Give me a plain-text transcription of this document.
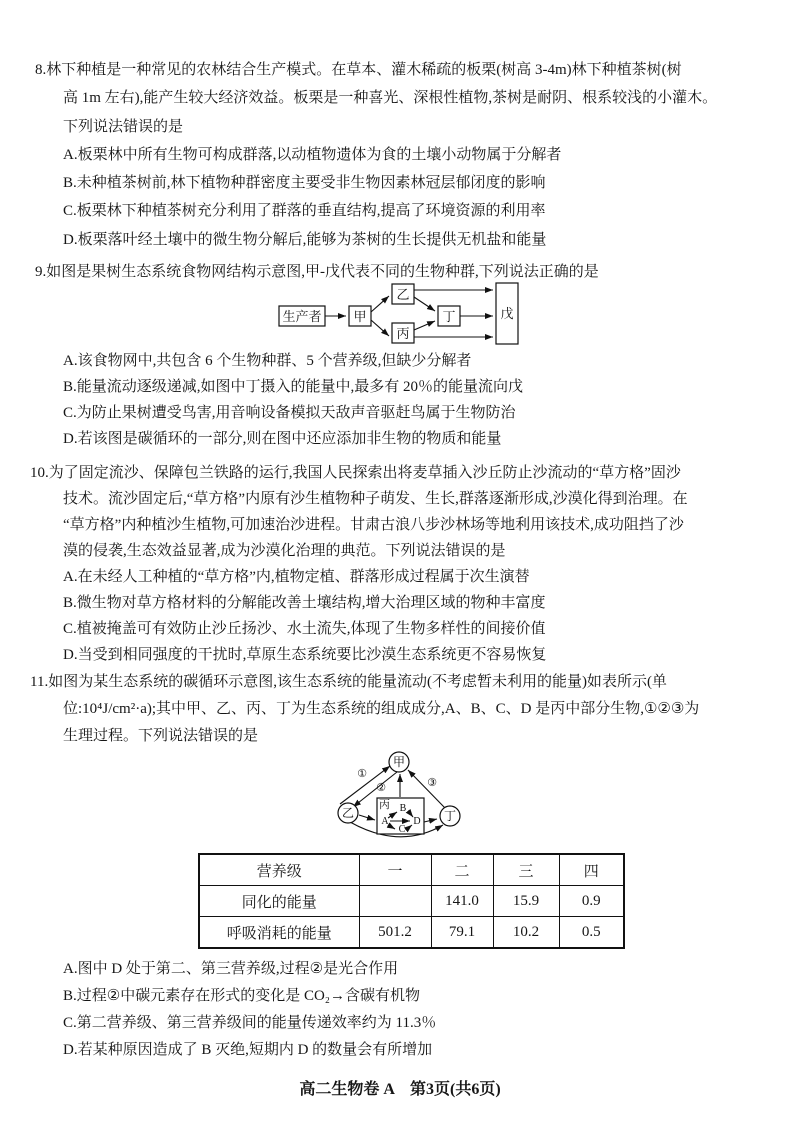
8.林下种植是一种常见的农林结合生产模式。在草本、灌木稀疏的板栗(树高 3-4m)林下种植茶树(树
高 1m 左右),能产生较大经济效益。板栗是一种喜光、深根性植物,茶树是耐阴、根系较浅的小灌木。
下列说法错误的是
A.板栗林中所有生物可构成群落,以动植物遗体为食的土壤小动物属于分解者
B.未种植茶树前,林下植物种群密度主要受非生物因素林冠层郁闭度的影响
C.板栗林下种植茶树充分利用了群落的垂直结构,提高了环境资源的利用率
D.板栗落叶经土壤中的微生物分解后,能够为茶树的生长提供无机盐和能量
9.如图是果树生态系统食物网结构示意图,甲-戊代表不同的生物种群,下列说法正确的是
生产者 甲
乙
丙
丁	戊
A.该食物网中,共包含 6 个生物种群、5 个营养级,但缺少分解者
B.能量流动逐级递减,如图中丁摄入的能量中,最多有 20％的能量流向戊
C.为防止果树遭受鸟害,用音响设备模拟天敌声音驱赶鸟属于生物防治
D.若该图是碳循环的一部分,则在图中还应添加非生物的物质和能量
10.为了固定流沙、保障包兰铁路的运行,我国人民探索出将麦草插入沙丘防止沙流动的“草方格”固沙
技术。流沙固定后,“草方格”内原有沙生植物种子萌发、生长,群落逐渐形成,沙漠化得到治理。在
“草方格”内种植沙生植物,可加速治沙进程。甘肃古浪八步沙林场等地利用该技术,成功阻挡了沙
漠的侵袭,生态效益显著,成为沙漠化治理的典范。下列说法错误的是
A.在未经人工种植的“草方格”内,植物定植、群落形成过程属于次生演替
B.微生物对草方格材料的分解能改善土壤结构,增大治理区域的物种丰富度
C.植被掩盖可有效防止沙丘扬沙、水土流失,体现了生物多样性的间接价值
D.当受到相同强度的干扰时,草原生态系统要比沙漠生态系统更不容易恢复
11.如图为某生态系统的碳循环示意图,该生态系统的能量流动(不考虑暂未利用的能量)如表所示(单
位:10⁴J/cm²·a);其中甲、乙、丙、丁为生态系统的组成成分,A、B、C、D 是丙中部分生物,①②③为
生理过程。下列说法错误的是
甲
乙	丁
丙
A
B
C
D
①
②	③
营养级	一	二	三	四
同化的能量		141.0	15.9	0.9
呼吸消耗的能量	501.2	79.1	10.2	0.5
A.图中 D 处于第二、第三营养级,过程②是光合作用
B.过程②中碳元素存在形式的变化是 CO₂→含碳有机物
C.第二营养级、第三营养级间的能量传递效率约为 11.3％
D.若某种原因造成了 B 灭绝,短期内 D 的数量会有所增加
高二生物卷 A　第3页(共6页)
